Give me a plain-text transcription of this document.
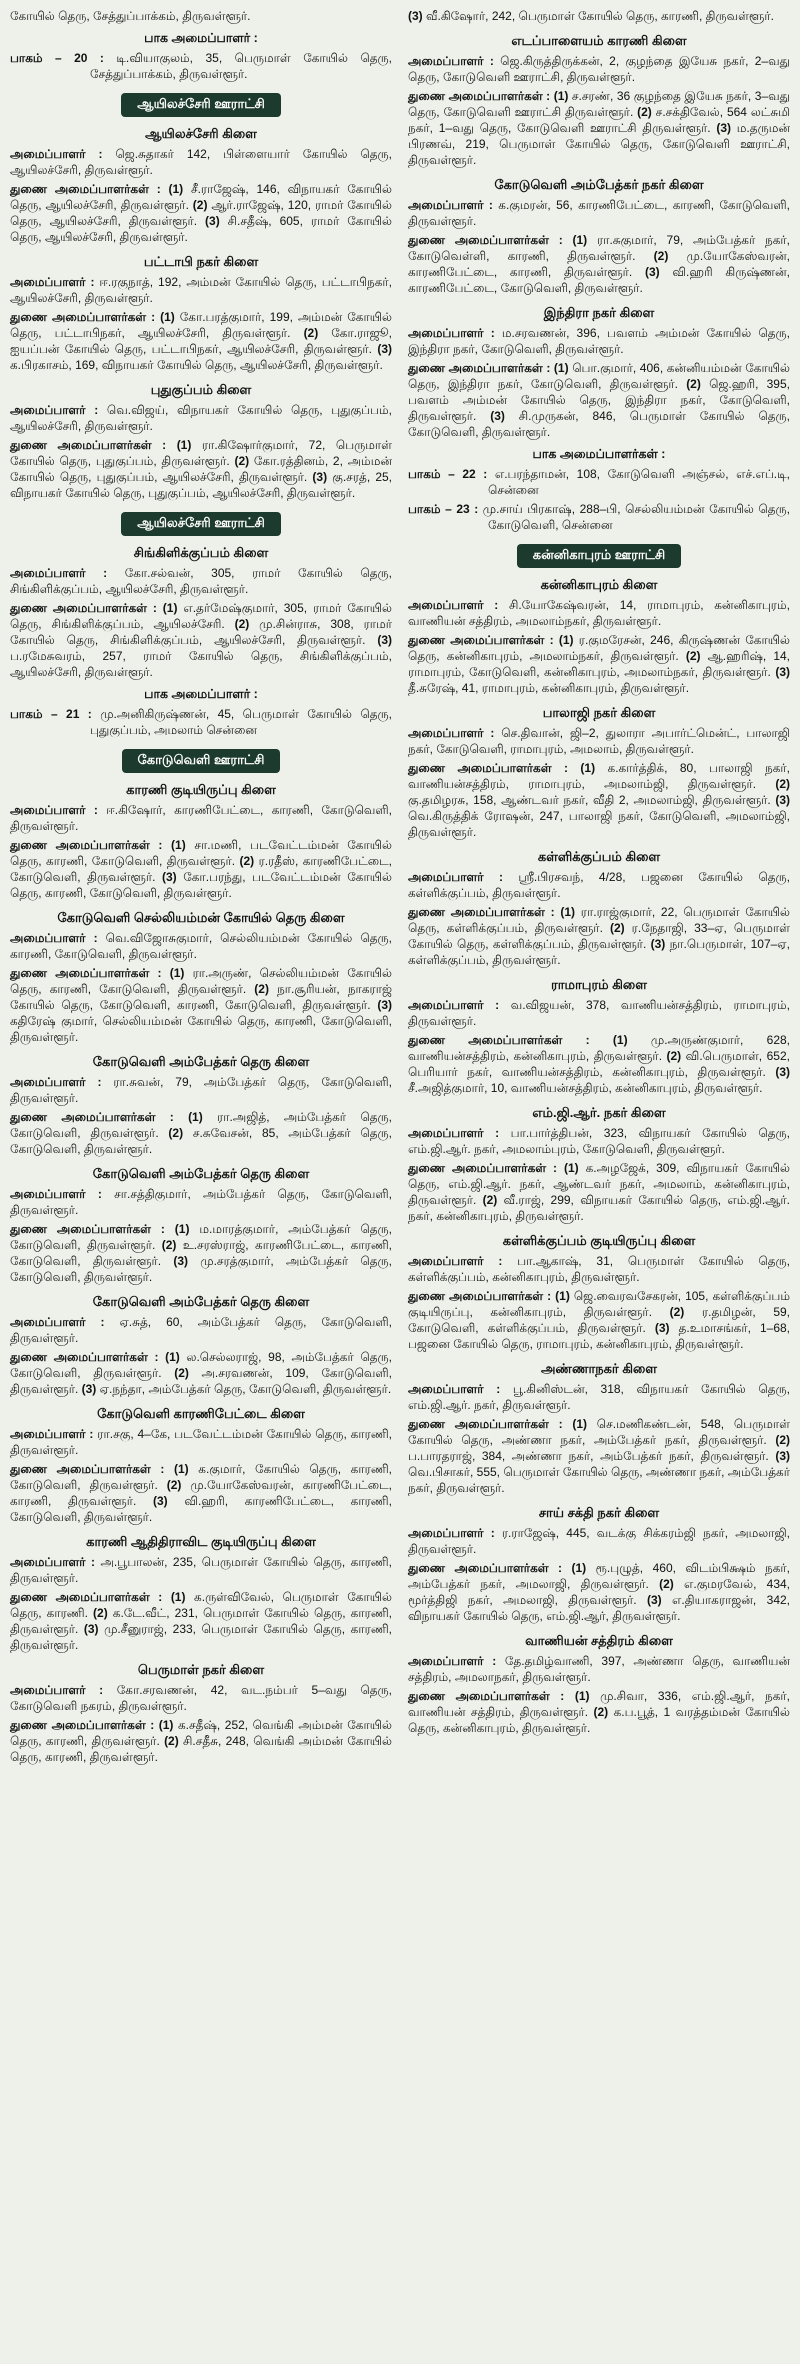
கோயில் தெரு, சேத்துப்பாக்கம், திருவள்ளூர்.

பாக அமைப்பாளர் :

பாகம் – 20 : டி.வியாகுலம், 35, பெருமாள் கோயில் தெரு, சேத்துப்பாக்கம், திருவள்ளூர்.

ஆயிலச்சேரி ஊராட்சி
ஆயிலச்சேரி கிளை

அமைப்பாளர் : ஜெ.சுதாகர் 142, பிள்ளையார் கோயில் தெரு, ஆயிலச்சேரி, திருவள்ளூர்.

துணை அமைப்பாளர்கள் : (1) சீ.ராஜேஷ், 146, விநாயகர் கோயில் தெரு, ஆயிலச்சேரி, திருவள்ளூர். (2) ஆர்.ராஜேஷ், 120, ராமர் கோயில் தெரு, ஆயிலச்சேரி, திருவள்ளூர். (3) சி.சதீஷ், 605, ராமர் கோயில் தெரு, ஆயிலச்சேரி, திருவள்ளூர்.

பட்டாபி நகர் கிளை

அமைப்பாளர் : ஈ.ரகுநாத், 192, அம்மன் கோயில் தெரு, பட்டாபிநகர், ஆயிலச்சேரி, திருவள்ளூர்.

துணை அமைப்பாளர்கள் : (1) கோ.பரத்குமார், 199, அம்மன் கோயில் தெரு, பட்டாபிநகர், ஆயிலச்சேரி, திருவள்ளூர். (2) கோ.ராஜூ, ஐயப்பன் கோயில் தெரு, பட்டாபிநகர், ஆயிலச்சேரி, திருவள்ளூர். (3) க.பிரகாசம், 169, விநாயகர் கோயில் தெரு, ஆயிலச்சேரி, திருவள்ளூர்.

புதுகுப்பம் கிளை

அமைப்பாளர் : வெ.விஜய், விநாயகர் கோயில் தெரு, புதுகுப்பம், ஆயிலச்சேரி, திருவள்ளூர்.

துணை அமைப்பாளர்கள் : (1) ரா.கிஷோர்குமார், 72, பெருமாள் கோயில் தெரு, புதுகுப்பம், திருவள்ளூர். (2) கோ.ரத்தினம், 2, அம்மன் கோயில் தெரு, புதுகுப்பம், ஆயிலச்சேரி, திருவள்ளூர். (3) கு.சரத், 25, விநாயகர் கோயில் தெரு, புதுகுப்பம், ஆயிலச்சேரி, திருவள்ளூர்.

ஆயிலச்சேரி ஊராட்சி
சிங்கிளிக்குப்பம் கிளை

அமைப்பாளர் : கோ.சல்வன், 305, ராமர் கோயில் தெரு, சிங்கிளிக்குப்பம், ஆயிலச்சேரி, திருவள்ளூர்.

துணை அமைப்பாளர்கள் : (1) எ.தர்மேஷ்குமார், 305, ராமர் கோயில் தெரு, சிங்கிளிக்குப்பம், ஆயிலச்சேரி. (2) மு.சின்ராசு, 308, ராமர் கோயில் தெரு, சிங்கிளிக்குப்பம், ஆயிலச்சேரி, திருவள்ளூர். (3) ப.ரமேசுவரம், 257, ராமர் கோயில் தெரு, சிங்கிளிக்குப்பம், ஆயிலச்சேரி, திருவள்ளூர்.

பாக அமைப்பாளர் :

பாகம் – 21 : மு.அனிகிருஷ்ணன், 45, பெருமாள் கோயில் தெரு, புதுகுப்பம், அமலாம் சென்னை

கோடுவெளி ஊராட்சி
காரணி குடியிருப்பு கிளை

அமைப்பாளர் : ஈ.கிஷோர், காரணிபேட்டை, காரணி, கோடுவெளி, திருவள்ளூர்.

துணை அமைப்பாளர்கள் : (1) சா.மணி, படவேட்டம்மன் கோயில் தெரு, காரணி, கோடுவெளி, திருவள்ளூர். (2) ர.ரதீஸ், காரணிபேட்டை, கோடுவெளி, திருவள்ளூர். (3) கோ.பரந்து, படவேட்டம்மன் கோயில் தெரு, காரணி, கோடுவெளி, திருவள்ளூர்.

கோடுவெளி செல்லியம்மன் கோயில் தெரு கிளை

அமைப்பாளர் : வெ.விஜோசுகுமார், செல்லியம்மன் கோயில் தெரு, காரணி, கோடுவெளி, திருவள்ளூர்.

துணை அமைப்பாளர்கள் : (1) ரா.அருண், செல்லியம்மன் கோயில் தெரு, காரணி, கோடுவெளி, திருவள்ளூர். (2) நா.சூரியன், நாகராஜ் கோயில் தெரு, கோடுவெளி, காரணி, கோடுவெளி, திருவள்ளூர். (3) கதிரேஷ் குமார், செல்லியம்மன் கோயில் தெரு, காரணி, கோடுவெளி, திருவள்ளூர்.

கோடுவெளி அம்பேத்கர் தெரு கிளை

அமைப்பாளர் : ரா.சுவன், 79, அம்பேத்கர் தெரு, கோடுவெளி, திருவள்ளூர்.

துணை அமைப்பாளர்கள் : (1) ரா.அஜித், அம்பேத்கர் தெரு, கோடுவெளி, திருவள்ளூர். (2) ச.சுவேசன், 85, அம்பேத்கர் தெரு, கோடுவெளி, திருவள்ளூர்.

கோடுவெளி அம்பேத்கர் தெரு கிளை

அமைப்பாளர் : சா.சத்திகுமார், அம்பேத்கர் தெரு, கோடுவெளி, திருவள்ளூர்.

துணை அமைப்பாளர்கள் : (1) ம.மாரத்குமார், அம்பேத்கர் தெரு, கோடுவெளி, திருவள்ளூர். (2) உ.சரஸ்ராஜ், காரணிபேட்டை, காரணி, கோடுவெளி, திருவள்ளூர். (3) மு.சரத்குமார், அம்பேத்கர் தெரு, கோடுவெளி, திருவள்ளூர்.

கோடுவெளி அம்பேத்கர் தெரு கிளை

அமைப்பாளர் : ஏ.சுத், 60, அம்பேத்கர் தெரு, கோடுவெளி, திருவள்ளூர்.

துணை அமைப்பாளர்கள் : (1) ல.செல்லராஜ், 98, அம்பேத்கர் தெரு, கோடுவெளி, திருவள்ளூர். (2) அ.சரவணன், 109, கோடுவெளி, திருவள்ளூர். (3) ஏ.நந்தா, அம்பேத்கர் தெரு, கோடுவெளி, திருவள்ளூர்.

கோடுவெளி காரணிபேட்டை கிளை

அமைப்பாளர் : ரா.சகு, 4–கே, படவேட்டம்மன் கோயில் தெரு, காரணி, திருவள்ளூர்.

துணை அமைப்பாளர்கள் : (1) க.குமார், கோயில் தெரு, காரணி, கோடுவெளி, திருவள்ளூர். (2) மு.யோகேஸ்வரன், காரணிபேட்டை, காரணி, திருவள்ளூர். (3) வி.ஹரி, காரணிபேட்டை, காரணி, கோடுவெளி, திருவள்ளூர்.

காரணி ஆதிதிராவிட குடியிருப்பு கிளை

அமைப்பாளர் : அ.பூபாலன், 235, பெருமாள் கோயில் தெரு, காரணி, திருவள்ளூர்.

துணை அமைப்பாளர்கள் : (1) க.ருள்விவேல், பெருமாள் கோயில் தெரு, காரணி. (2) க.டே.வீட், 231, பெருமாள் கோயில் தெரு, காரணி, திருவள்ளூர். (3) மு.சீனுராஜ், 233, பெருமாள் கோயில் தெரு, காரணி, திருவள்ளூர்.

பெருமாள் நகர் கிளை

அமைப்பாளர் : கோ.சரவணன், 42, வட.நம்பர் 5–வது தெரு, கோடுவெளி நகரம், திருவள்ளூர்.

துணை அமைப்பாளர்கள் : (1) க.சதீஷ், 252, வெங்கி அம்மன் கோயில் தெரு, காரணி, திருவள்ளூர். (2) சி.சதீசு, 248, வெங்கி அம்மன் கோயில் தெரு, காரணி, திருவள்ளூர்.

(3) வீ.கிஷோர், 242, பெருமாள் கோயில் தெரு, காரணி, திருவள்ளூர்.

எடப்பாளையம் காரணி கிளை

அமைப்பாளர் : ஜெ.கிருத்திருக்கன், 2, குழந்தை இயேசு நகர், 2–வது தெரு, கோடுவெளி ஊராட்சி, திருவள்ளூர்.

துணை அமைப்பாளர்கள் : (1) ச.சரண், 36 குழந்தை இயேசு நகர், 3–வது தெரு, கோடுவெளி ஊராட்சி திருவள்ளூர். (2) ச.சக்திவேல், 564 லட்சுமி நகர், 1–வது தெரு, கோடுவெளி ஊராட்சி திருவள்ளூர். (3) ம.தருமன் பிரணவ், 219, பெருமாள் கோயில் தெரு, கோடுவெளி ஊராட்சி, திருவள்ளூர்.

கோடுவெளி அம்பேத்கர் நகர் கிளை

அமைப்பாளர் : க.குமரன், 56, காரணிபேட்டை, காரணி, கோடுவெளி, திருவள்ளூர்.

துணை அமைப்பாளர்கள் : (1) ரா.சுகுமார், 79, அம்பேத்கர் நகர், கோடுவெள்ளி, காரணி, திருவள்ளூர். (2) மு.யோகேஸ்வரன், காரணிபேட்டை, காரணி, திருவள்ளூர். (3) வி.ஹரி கிருஷ்ணன், காரணிபேட்டை, கோடுவெளி, திருவள்ளூர்.

இந்திரா நகர் கிளை

அமைப்பாளர் : ம.சரவணன், 396, பவளம் அம்மன் கோயில் தெரு, இந்திரா நகர், கோடுவெளி, திருவள்ளூர்.

துணை அமைப்பாளர்கள் : (1) பொ.குமார், 406, கன்னியம்மன் கோயில் தெரு, இந்திரா நகர், கோடுவெளி, திருவள்ளூர். (2) ஜெ.ஹரி, 395, பவளம் அம்மன் கோயில் தெரு, இந்திரா நகர், கோடுவெளி, திருவள்ளூர். (3) சி.முருகன், 846, பெருமாள் கோயில் தெரு, கோடுவெளி, திருவள்ளூர்.

பாக அமைப்பாளர்கள் :

பாகம் – 22 : எ.பரந்தாமன், 108, கோடுவெளி அஞ்சல், எச்.எப்.டி, சென்னை

பாகம் – 23 : மு.சாய் பிரகாஷ், 288–பி, செல்லியம்மன் கோயில் தெரு, கோடுவெளி, சென்னை

கன்னிகாபுரம் ஊராட்சி
கன்னிகாபுரம் கிளை

அமைப்பாளர் : சி.யோகேஷ்வரன், 14, ராமாபுரம், கன்னிகாபுரம், வாணியன் சத்திரம், அமலாம்நகர், திருவள்ளூர்.

துணை அமைப்பாளர்கள் : (1) ர.குமரேசன், 246, கிருஷ்ணன் கோயில் தெரு, கன்னிகாபுரம், அமலாம்நகர், திருவள்ளூர். (2) ஆ.ஹரிஷ், 14, ராமாபுரம், கோடுவெளி, கன்னிகாபுரம், அமலாம்நகர், திருவள்ளூர். (3) தீ.சுரேஷ், 41, ராமாபுரம், கன்னிகாபுரம், திருவள்ளூர்.

பாலாஜி நகர் கிளை

அமைப்பாளர் : செ.திவான், ஜி–2, துலாரா அபார்ட்மென்ட், பாலாஜி நகர், கோடுவெளி, ராமாபுரம், அமலாம், திருவள்ளூர்.

துணை அமைப்பாளர்கள் : (1) க.கார்த்திக், 80, பாலாஜி நகர், வாணியன்சத்திரம், ராமாபுரம், அமலாம்ஜி, திருவள்ளூர். (2) கு.தமிழரசு, 158, ஆண்டவர் நகர், வீதி 2, அமலாம்ஜி, திருவள்ளூர். (3) வெ.கிருத்திக் ரோஷன், 247, பாலாஜி நகர், கோடுவெளி, அமலாம்ஜி, திருவள்ளூர்.

கள்ளிக்குப்பம் கிளை

அமைப்பாளர் : ஸ்ரீ.பிரசவந், 4/28, பஜனை கோயில் தெரு, கள்ளிக்குப்பம், திருவள்ளூர்.

துணை அமைப்பாளர்கள் : (1) ரா.ராஜ்குமார், 22, பெருமாள் கோயில் தெரு, கள்ளிக்குப்பம், திருவள்ளூர். (2) ர.நேதாஜி, 33–ஏ, பெருமாள் கோயில் தெரு, கள்ளிக்குப்பம், திருவள்ளூர். (3) நா.பெருமாள், 107–ஏ, கள்ளிக்குப்பம், திருவள்ளூர்.

ராமாபுரம் கிளை

அமைப்பாளர் : வ.விஜயன், 378, வாணியன்சத்திரம், ராமாபுரம், திருவள்ளூர்.

துணை அமைப்பாளர்கள் : (1) மு.அருண்குமார், 628, வாணியன்சத்திரம், கன்னிகாபுரம், திருவள்ளூர். (2) வி.பெருமாள், 652, பெரியார் நகர், வாணியன்சத்திரம், கன்னிகாபுரம், திருவள்ளூர். (3) சீ.அஜித்குமார், 10, வாணியன்சத்திரம், கன்னிகாபுரம், திருவள்ளூர்.

எம்.ஜி.ஆர். நகர் கிளை

அமைப்பாளர் : பா.பார்த்திபன், 323, விநாயகர் கோயில் தெரு, எம்.ஜி.ஆர். நகர், அமலாம்புரம், கோடுவெளி, திருவள்ளூர்.

துணை அமைப்பாளர்கள் : (1) க.அழஜேக், 309, விநாயகர் கோயில் தெரு, எம்.ஜி.ஆர். நகர், ஆண்டவர் நகர், அமலாம், கன்னிகாபுரம், திருவள்ளூர். (2) வீ.ராஜ், 299, விநாயகர் கோயில் தெரு, எம்.ஜி.ஆர். நகர், கன்னிகாபுரம், திருவள்ளூர்.

கள்ளிக்குப்பம் குடியிருப்பு கிளை

அமைப்பாளர் : பா.ஆகாஷ், 31, பெருமாள் கோயில் தெரு, கள்ளிக்குப்பம், கன்னிகாபுரம், திருவள்ளூர்.

துணை அமைப்பாளர்கள் : (1) ஜெ.வைரவசேகரன், 105, கள்ளிக்குப்பம் குடியிருப்பு, கன்னிகாபுரம், திருவள்ளூர். (2) ர.தமிழன், 59, கோடுவெளி, கள்ளிக்குப்பம், திருவள்ளூர். (3) த.உமாசங்கர், 1–68, பஜனை கோயில் தெரு, ராமாபுரம், கன்னிகாபுரம், திருவள்ளூர்.

அண்ணாநகர் கிளை

அமைப்பாளர் : பூ.கினிஸ்டன், 318, விநாயகர் கோயில் தெரு, எம்.ஜி.ஆர். நகர், திருவள்ளூர்.

துணை அமைப்பாளர்கள் : (1) செ.மணிகண்டன், 548, பெருமாள் கோயில் தெரு, அண்ணா நகர், அம்பேத்கர் நகர், திருவள்ளூர். (2) ப.பாரதராஜ், 384, அண்ணா நகர், அம்பேத்கர் நகர், திருவள்ளூர். (3) வெ.பிசாகர், 555, பெருமாள் கோயில் தெரு, அண்ணா நகர், அம்பேத்கர் நகர், திருவள்ளூர்.

சாய் சக்தி நகர் கிளை

அமைப்பாளர் : ர.ராஜேஷ், 445, வடக்கு சிக்கரம்ஜி நகர், அமலாஜி, திருவள்ளூர்.

துணை அமைப்பாளர்கள் : (1) ரூ.புழுத், 460, விடம்பிக்ஷம் நகர், அம்பேத்கர் நகர், அமலாஜி, திருவள்ளூர். (2) எ.குமரவேல், 434, மூர்த்திஜி நகர், அமலாஜி, திருவள்ளூர். (3) எ.தியாகராஜன், 342, விநாயகர் கோயில் தெரு, எம்.ஜி.ஆர், திருவள்ளூர்.

வாணியன் சத்திரம் கிளை

அமைப்பாளர் : தே.தமிழ்வாணி, 397, அண்ணா தெரு, வாணியன் சத்திரம், அமலாநகர், திருவள்ளூர்.

துணை அமைப்பாளர்கள் : (1) மு.சிவா, 336, எம்.ஜி.ஆர், நகர், வாணியன் சத்திரம், திருவள்ளூர். (2) க.ப.பூத், 1 வரத்தம்மன் கோயில் தெரு, கன்னிகாபுரம், திருவள்ளூர்.
